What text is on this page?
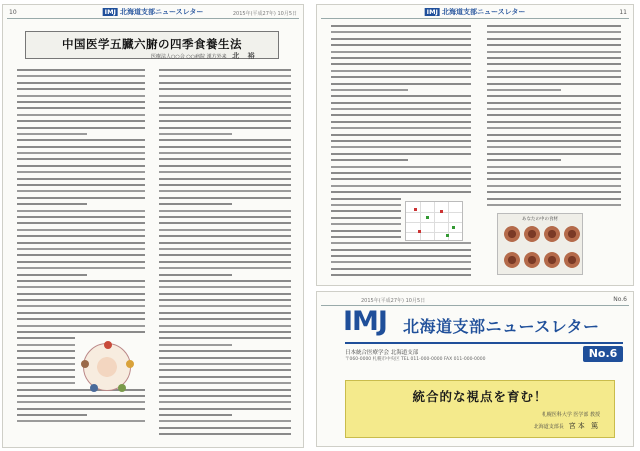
10	IMJ 北海道支部ニュースレター	2015年(平成27年) 10月5日
中国医学五臓六腑の四季食養生法
医療法人○○会 ○○病院 漢方外来 北 裕
IMJ 北海道支部ニュースレター	11
あなたの中の食材
2015年(平成27年) 10月5日	No.6
IMJ 北海道支部ニュースレター
No.6
日本統合医療学会 北海道支部
〒060-0000 札幌市中央区 TEL 011-000-0000 FAX 011-000-0000
統合的な視点を育む！
札幌医科大学 医学部 教授
北海道支部長 宮本 篤
